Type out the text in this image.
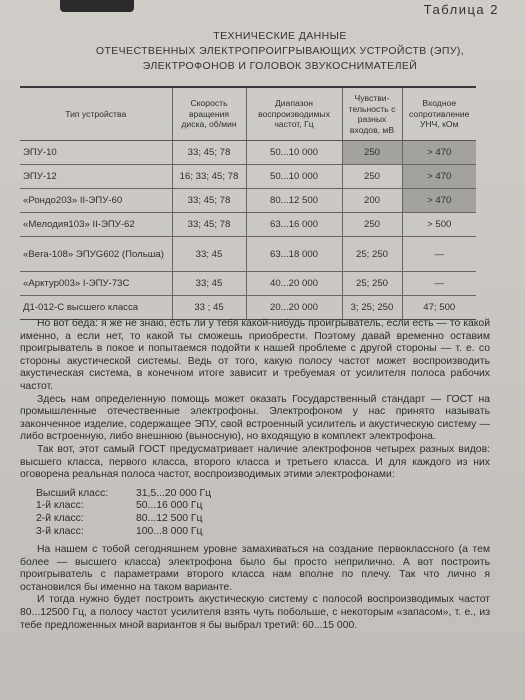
Таблица 2
ТЕХНИЧЕСКИЕ ДАННЫЕ
ОТЕЧЕСТВЕННЫХ ЭЛЕКТРОПРОИГРЫВАЮЩИХ УСТРОЙСТВ (ЭПУ),
ЭЛЕКТРОФОНОВ И ГОЛОВОК ЗВУКОСНИМАТЕЛЕЙ
Тип устройства	Скорость вращения диска, об/мин	Диапазон воспроизводимых частот, Гц	Чувстви-тельность с разных входов, мВ	Входное сопротивление УНЧ, кОм
ЭПУ-10	33; 45; 78	50...10 000	250	> 470
ЭПУ-12	16; 33; 45; 78	50...10 000	250	> 470
«Рондо203» II-ЭПУ-60	33; 45; 78	80...12 500	200	> 470
«Мелодия103» II-ЭПУ-62	33; 45; 78	63...16 000	250	> 500
«Вега-108» ЭПУG602 (Польша)	33; 45	63...18 000	25; 250	—
«Арктур003» I-ЭПУ-73С	33; 45	40...20 000	25; 250	—
Д1-012-С высшего класса	33 ; 45	20...20 000	3; 25; 250	47; 500

Но вот беда: я же не знаю, есть ли у тебя какой-нибудь проигрыватель, если есть — то какой именно, а если нет, то какой ты сможешь приобрести. Поэтому давай временно оставим проигрыватель в покое и попытаемся подойти к нашей проблеме с другой стороны — т. е. со стороны акустической системы. Ведь от того, какую полосу частот может воспроизводить акустическая система, в конечном итоге зависит и требуемая от усилителя полоса рабочих частот.

Здесь нам определенную помощь может оказать Государственный стандарт — ГОСТ на промышленные отечественные электрофоны. Электрофоном у нас принято называть законченное изделие, содержащее ЭПУ, свой встроенный усилитель и акустическую систему — либо встроенную, либо внешнюю (выносную), но входящую в комплект электрофона.

Так вот, этот самый ГОСТ предусматривает наличие электрофонов четырех разных видов: высшего класса, первого класса, второго класса и третьего класса. И для каждого из них оговорена реальная полоса частот, воспроизводимых этими электрофонами:

Высший класс:	31,5...20 000 Гц
1-й класс:	50...16 000 Гц
2-й класс:	80...12 500 Гц
3-й класс:	100...8 000 Гц

На нашем с тобой сегодняшнем уровне замахиваться на создание первоклассного (а тем более — высшего класса) электрофона было бы просто неприлично. А вот построить проигрыватель с параметрами второго класса нам вполне по плечу. Так что лично я остановился бы именно на таком варианте.

И тогда нужно будет построить акустическую систему с полосой воспроизводимых частот 80...12500 Гц, а полосу частот усилителя взять чуть побольше, с некоторым «запасом», т. е., из тебе предложенных мной вариантов я бы выбрал третий: 60...15 000.
